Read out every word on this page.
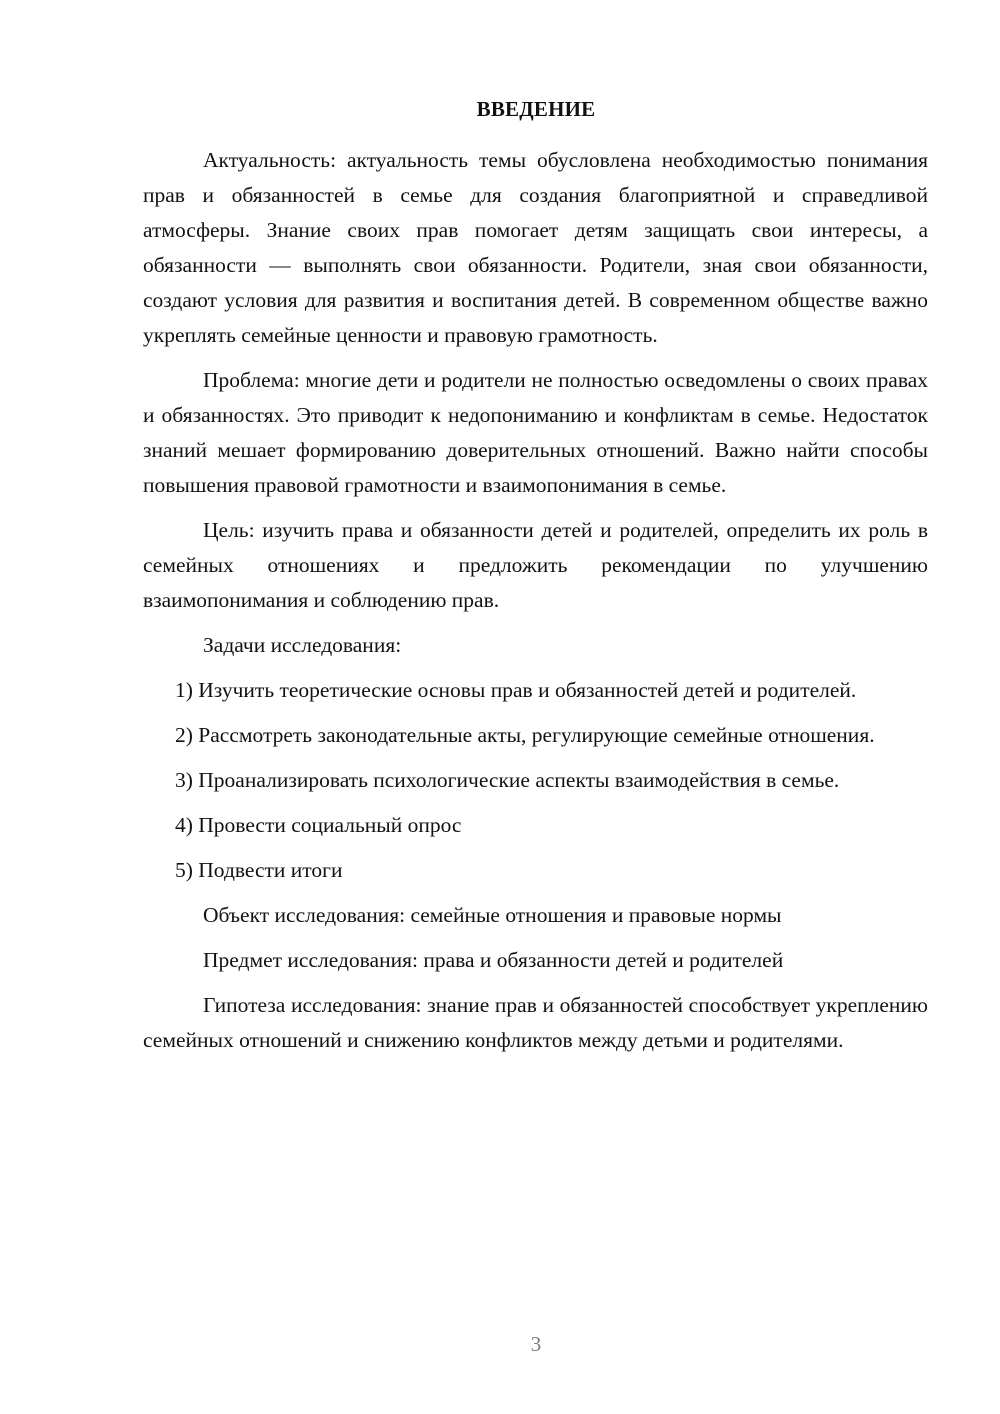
ВВЕДЕНИЕ

Актуальность: актуальность темы обусловлена необходимостью понимания прав и обязанностей в семье для создания благоприятной и справедливой атмосферы. Знание своих прав помогает детям защищать свои интересы, а обязанности — выполнять свои обязанности. Родители, зная свои обязанности, создают условия для развития и воспитания детей. В современном обществе важно укреплять семейные ценности и правовую грамотность.

Проблема: многие дети и родители не полностью осведомлены о своих правах и обязанностях. Это приводит к недопониманию и конфликтам в семье. Недостаток знаний мешает формированию доверительных отношений. Важно найти способы повышения правовой грамотности и взаимопонимания в семье.

Цель: изучить права и обязанности детей и родителей, определить их роль в семейных отношениях и предложить рекомендации по улучшению взаимопонимания и соблюдению прав.

Задачи исследования:

1) Изучить теоретические основы прав и обязанностей детей и родителей.

2) Рассмотреть законодательные акты, регулирующие семейные отношения.

3) Проанализировать психологические аспекты взаимодействия в семье.

4) Провести социальный опрос

5) Подвести итоги

Объект исследования: семейные отношения и правовые нормы

Предмет исследования: права и обязанности детей и родителей

Гипотеза исследования: знание прав и обязанностей способствует укреплению семейных отношений и снижению конфликтов между детьми и родителями.

3
